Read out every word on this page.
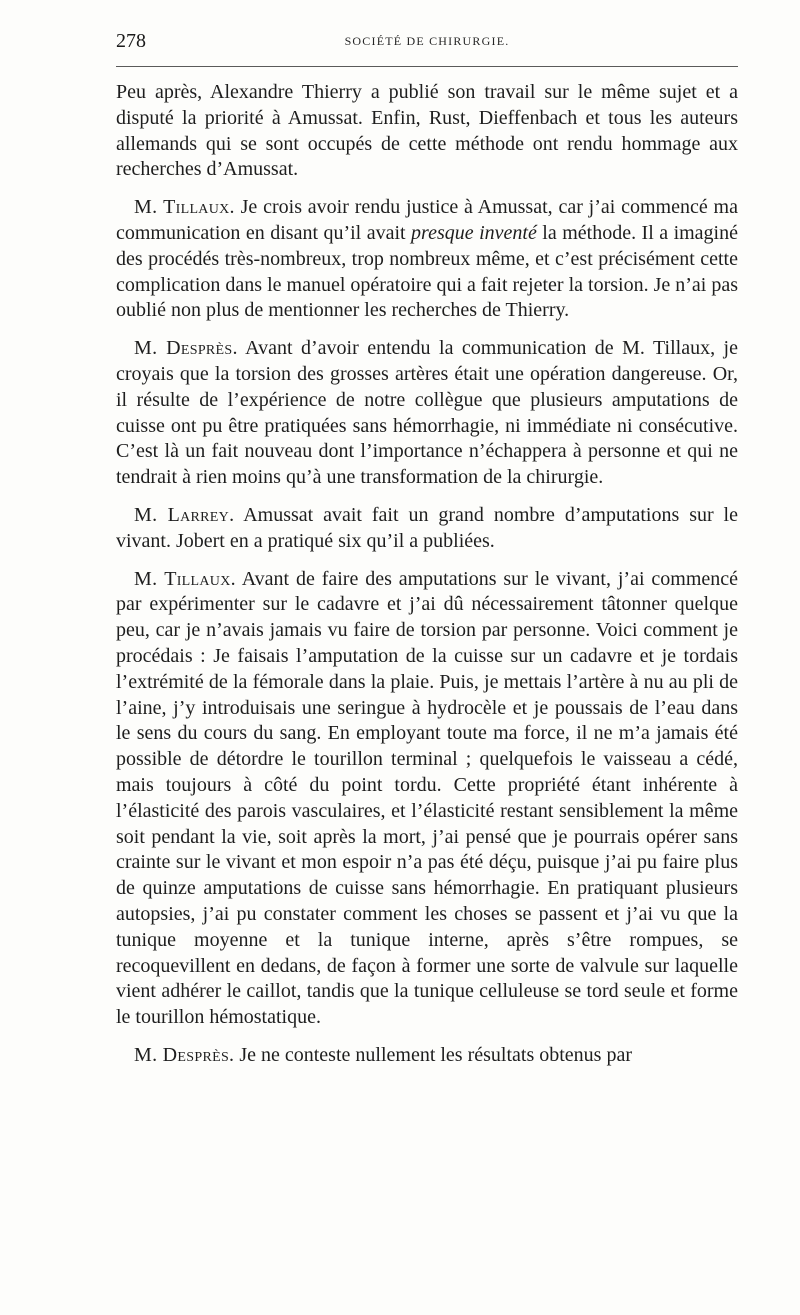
278	SOCIÉTÉ DE CHIRURGIE.

Peu après, Alexandre Thierry a publié son travail sur le même sujet et a disputé la priorité à Amussat. Enfin, Rust, Dieffenbach et tous les auteurs allemands qui se sont occupés de cette méthode ont rendu hommage aux recherches d’Amussat.

M. Tillaux. Je crois avoir rendu justice à Amussat, car j’ai commencé ma communication en disant qu’il avait presque inventé la méthode. Il a imaginé des procédés très-nombreux, trop nombreux même, et c’est précisément cette complication dans le manuel opératoire qui a fait rejeter la torsion. Je n’ai pas oublié non plus de mentionner les recherches de Thierry.

M. Desprès. Avant d’avoir entendu la communication de M. Tillaux, je croyais que la torsion des grosses artères était une opération dangereuse. Or, il résulte de l’expérience de notre collègue que plusieurs amputations de cuisse ont pu être pratiquées sans hémorrhagie, ni immédiate ni consécutive. C’est là un fait nouveau dont l’importance n’échappera à personne et qui ne tendrait à rien moins qu’à une transformation de la chirurgie.

M. Larrey. Amussat avait fait un grand nombre d’amputations sur le vivant. Jobert en a pratiqué six qu’il a publiées.

M. Tillaux. Avant de faire des amputations sur le vivant, j’ai commencé par expérimenter sur le cadavre et j’ai dû nécessairement tâtonner quelque peu, car je n’avais jamais vu faire de torsion par personne. Voici comment je procédais : Je faisais l’amputation de la cuisse sur un cadavre et je tordais l’extrémité de la fémorale dans la plaie. Puis, je mettais l’artère à nu au pli de l’aine, j’y introduisais une seringue à hydrocèle et je poussais de l’eau dans le sens du cours du sang. En employant toute ma force, il ne m’a jamais été possible de détordre le tourillon terminal ; quelquefois le vaisseau a cédé, mais toujours à côté du point tordu. Cette propriété étant inhérente à l’élasticité des parois vasculaires, et l’élasticité restant sensiblement la même soit pendant la vie, soit après la mort, j’ai pensé que je pourrais opérer sans crainte sur le vivant et mon espoir n’a pas été déçu, puisque j’ai pu faire plus de quinze amputations de cuisse sans hémorrhagie. En pratiquant plusieurs autopsies, j’ai pu constater comment les choses se passent et j’ai vu que la tunique moyenne et la tunique interne, après s’être rompues, se recoquevillent en dedans, de façon à former une sorte de valvule sur laquelle vient adhérer le caillot, tandis que la tunique celluleuse se tord seule et forme le tourillon hémostatique.

M. Desprès. Je ne conteste nullement les résultats obtenus par
